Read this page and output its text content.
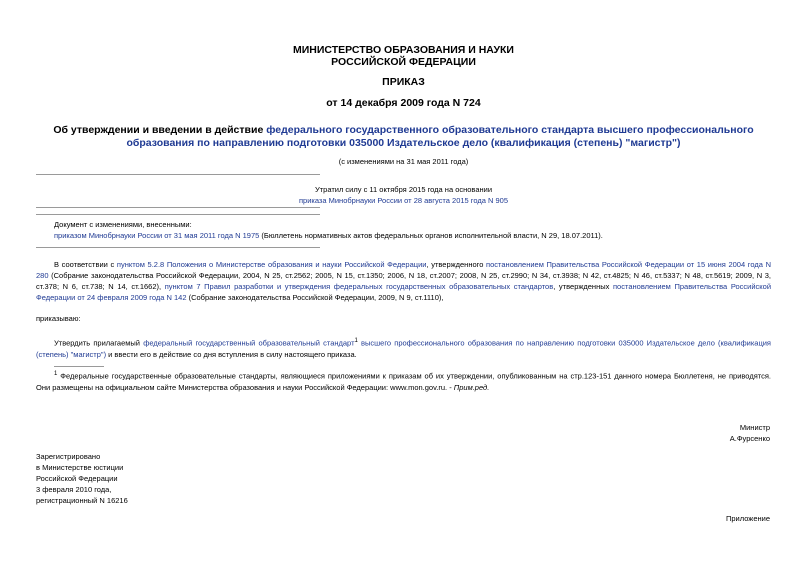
МИНИСТЕРСТВО ОБРАЗОВАНИЯ И НАУКИ
РОССИЙСКОЙ ФЕДЕРАЦИИ
ПРИКАЗ
от 14 декабря 2009 года N 724
Об утверждении и введении в действие федерального государственного образовательного стандарта высшего профессионального образования по направлению подготовки 035000 Издательское дело (квалификация (степень) "магистр")
(с изменениями на 31 мая 2011 года)
Утратил силу с 11 октября 2015 года на основании
приказа Минобрнауки России от 28 августа 2015 года N 905
Документ с изменениями, внесенными:
приказом Минобрнауки России от 31 мая 2011 года N 1975 (Бюллетень нормативных актов федеральных органов исполнительной власти, N 29, 18.07.2011).
В соответствии с пунктом 5.2.8 Положения о Министерстве образования и науки Российской Федерации, утвержденного постановлением Правительства Российской Федерации от 15 июня 2004 года N 280 (Собрание законодательства Российской Федерации, 2004, N 25, ст.2562; 2005, N 15, ст.1350; 2006, N 18, ст.2007; 2008, N 25, ст.2990; N 34, ст.3938; N 42, ст.4825; N 46, ст.5337; N 48, ст.5619; 2009, N 3, ст.378; N 6, ст.738; N 14, ст.1662), пунктом 7 Правил разработки и утверждения федеральных государственных образовательных стандартов, утвержденных постановлением Правительства Российской Федерации от 24 февраля 2009 года N 142 (Собрание законодательства Российской Федерации, 2009, N 9, ст.1110),
приказываю:
Утвердить прилагаемый федеральный государственный образовательный стандарт$^1$ высшего профессионального образования по направлению подготовки 035000 Издательское дело (квалификация (степень) "магистр") и ввести его в действие со дня вступления в силу настоящего приказа.
$^1$ Федеральные государственные образовательные стандарты, являющиеся приложениями к приказам об их утверждении, опубликованным на стр.123-151 данного номера Бюллетеня, не приводятся. Они размещены на официальном сайте Министерства образования и науки Российской Федерации: www.mon.gov.ru. - Прим.ред.
Министр
А.Фурсенко
Зарегистрировано
в Министерстве юстиции
Российской Федерации
3 февраля 2010 года,
регистрационный N 16216
Приложение
